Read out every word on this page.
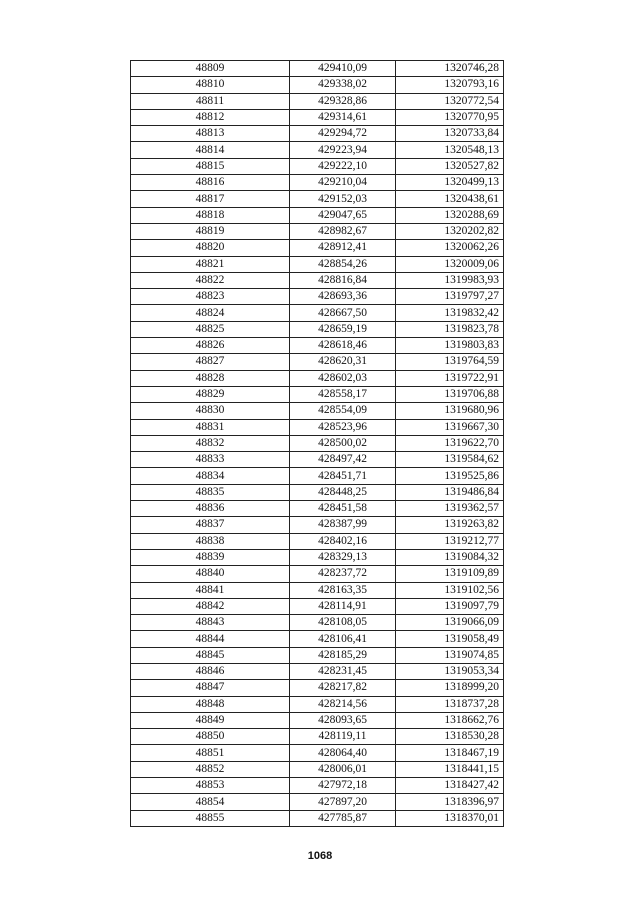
48809	429410,09	1320746,28
48810	429338,02	1320793,16
48811	429328,86	1320772,54
48812	429314,61	1320770,95
48813	429294,72	1320733,84
48814	429223,94	1320548,13
48815	429222,10	1320527,82
48816	429210,04	1320499,13
48817	429152,03	1320438,61
48818	429047,65	1320288,69
48819	428982,67	1320202,82
48820	428912,41	1320062,26
48821	428854,26	1320009,06
48822	428816,84	1319983,93
48823	428693,36	1319797,27
48824	428667,50	1319832,42
48825	428659,19	1319823,78
48826	428618,46	1319803,83
48827	428620,31	1319764,59
48828	428602,03	1319722,91
48829	428558,17	1319706,88
48830	428554,09	1319680,96
48831	428523,96	1319667,30
48832	428500,02	1319622,70
48833	428497,42	1319584,62
48834	428451,71	1319525,86
48835	428448,25	1319486,84
48836	428451,58	1319362,57
48837	428387,99	1319263,82
48838	428402,16	1319212,77
48839	428329,13	1319084,32
48840	428237,72	1319109,89
48841	428163,35	1319102,56
48842	428114,91	1319097,79
48843	428108,05	1319066,09
48844	428106,41	1319058,49
48845	428185,29	1319074,85
48846	428231,45	1319053,34
48847	428217,82	1318999,20
48848	428214,56	1318737,28
48849	428093,65	1318662,76
48850	428119,11	1318530,28
48851	428064,40	1318467,19
48852	428006,01	1318441,15
48853	427972,18	1318427,42
48854	427897,20	1318396,97
48855	427785,87	1318370,01
1068
